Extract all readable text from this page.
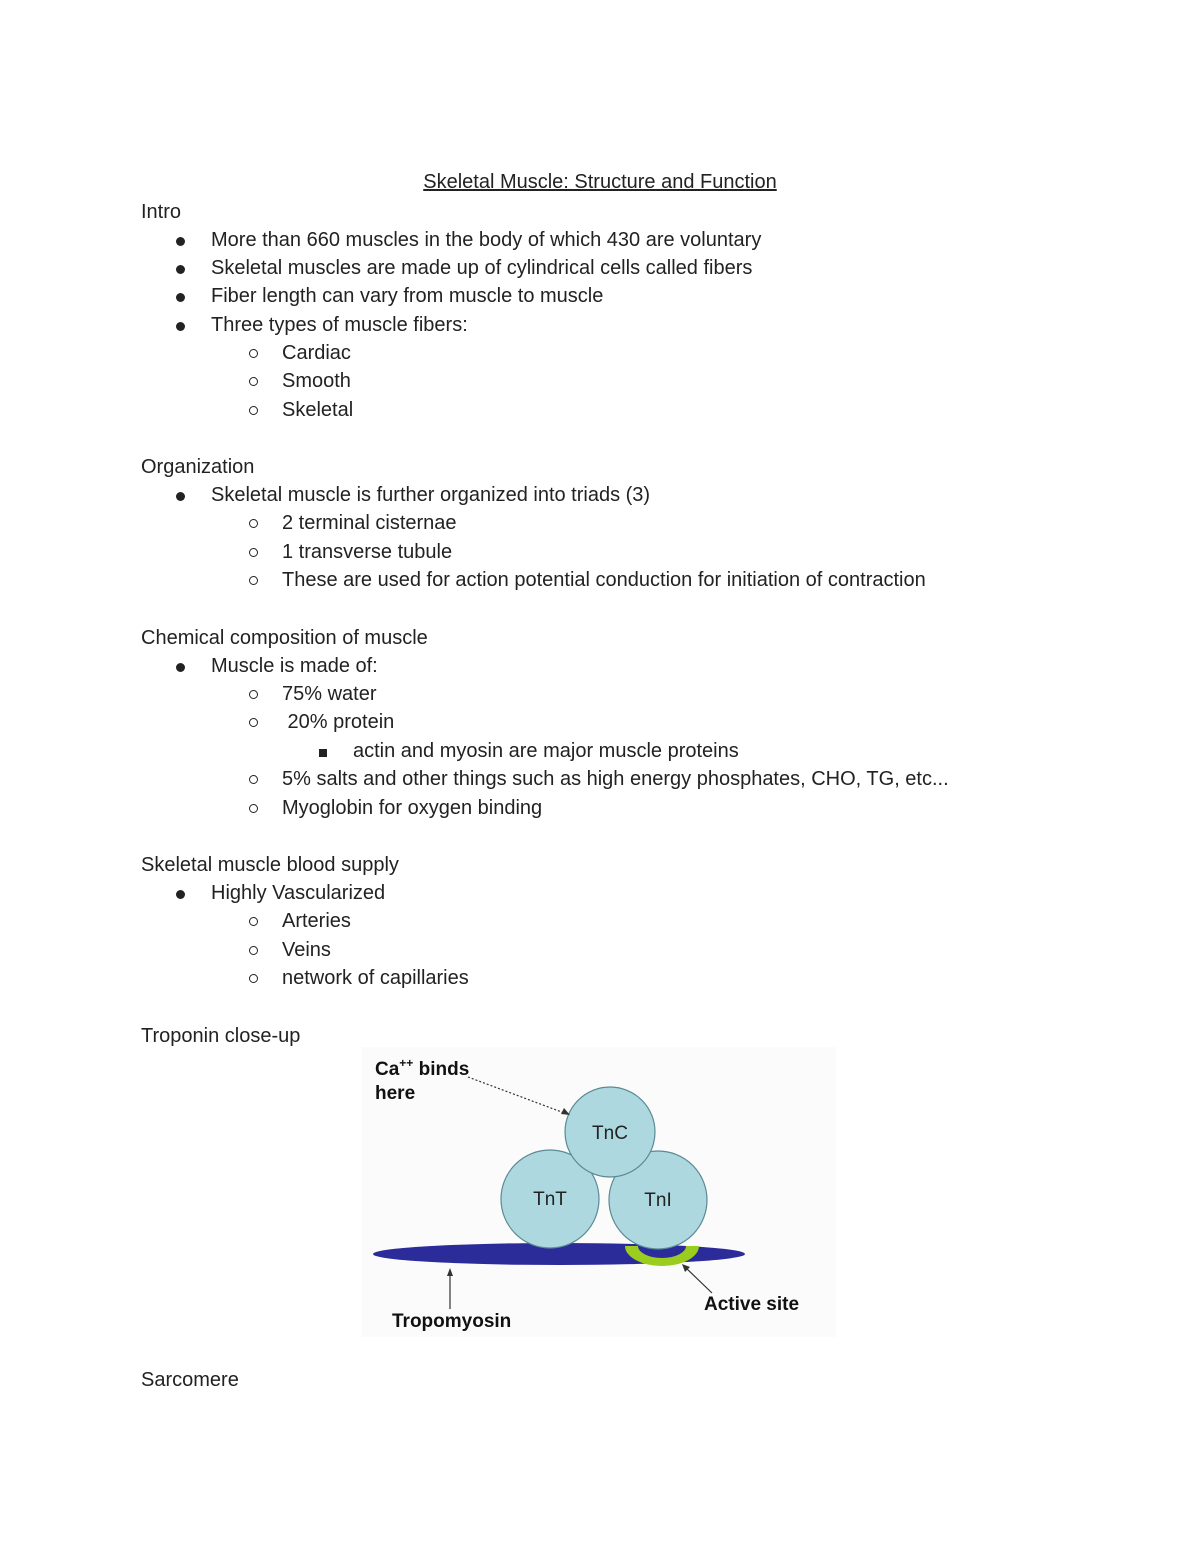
Skeletal Muscle: Structure and Function
Intro
More than 660 muscles in the body of which 430 are voluntary
Skeletal muscles are made up of cylindrical cells called fibers
Fiber length can vary from muscle to muscle
Three types of muscle fibers:
Cardiac
Smooth
Skeletal
Organization
Skeletal muscle is further organized into triads (3)
2 terminal cisternae
1 transverse tubule
These are used for action potential conduction for initiation of contraction
Chemical composition of muscle
Muscle is made of:
75% water
20% protein
actin and myosin are major muscle proteins
5% salts and other things such as high energy phosphates, CHO, TG, etc...
Myoglobin for oxygen binding
Skeletal muscle blood supply
Highly Vascularized
Arteries
Veins
network of capillaries
Troponin close-up
TnC
TnT	TnI
Ca++ binds
here
Tropomyosin
Active site
Sarcomere
